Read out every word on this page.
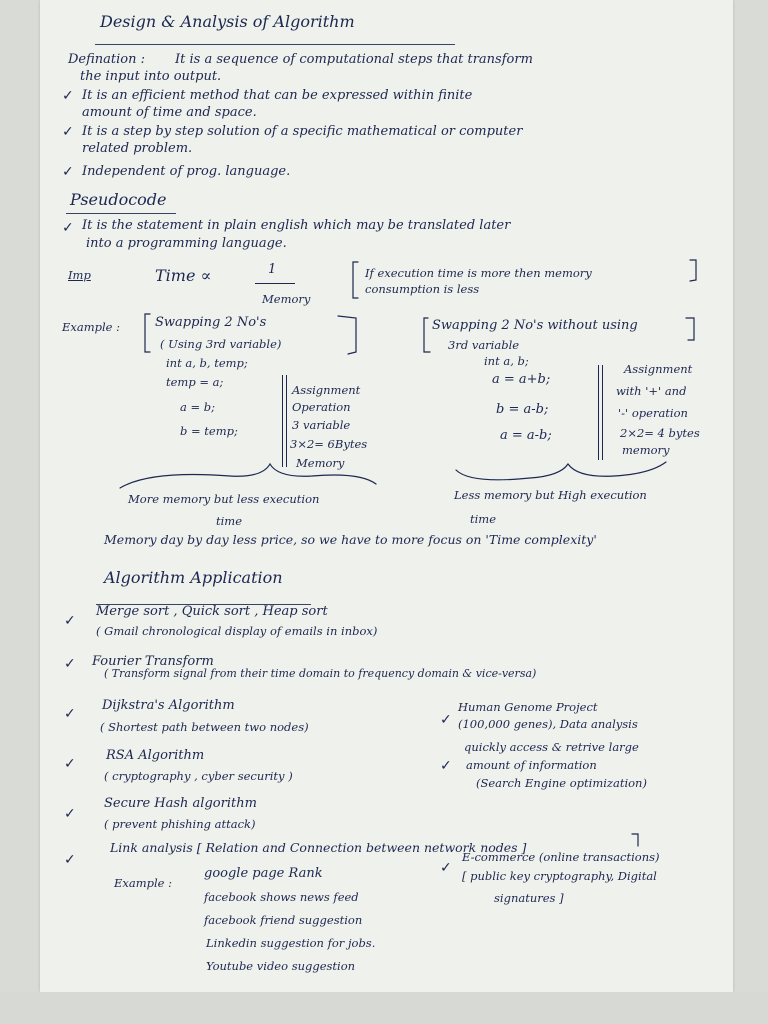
Design & Analysis of Algorithm
Defination : It is a sequence of computational steps that transform
the input into output.
✓ It is an efficient method that can be expressed within finite
amount of time and space.
✓ It is a step by step solution of a specific mathematical or computer
related problem.
✓ Independent of prog. language.
Pseudocode
✓ It is the statement in plain english which may be translated later
into a programming language.
Imp	Time ∝	1
Memory
If execution time is more then memory
consumption is less
Example :	Swapping 2 No's
( Using 3rd variable)
int a, b, temp;
temp = a;
a = b;
b = temp;
Assignment
Operation
3 variable
3×2= 6Bytes
Memory
Swapping 2 No's without using
3rd variable
int a, b;
a = a+b;
b = a-b;
a = a-b;
Assignment
with '+' and
'-' operation
2×2= 4 bytes
memory
More memory but less execution
time
Less memory but High execution
time
Memory day by day less price, so we have to more focus on 'Time complexity'
Algorithm Application
✓
Merge sort , Quick sort , Heap sort
( Gmail chronological display of emails in inbox)
✓ Fourier Transform
( Transform signal from their time domain to frequency domain & vice-versa)
✓
Dijkstra's Algorithm
( Shortest path between two nodes)
✓
RSA Algorithm
( cryptography , cyber security )
✓
Secure Hash algorithm
( prevent phishing attack)
✓
Link analysis [ Relation and Connection between network nodes ]
✓
Human Genome Project
(100,000 genes), Data analysis
✓
quickly access & retrive large
amount of information
(Search Engine optimization)
✓
E-commerce (online transactions)
[ public key cryptography, Digital
signatures ]
Example :
google page Rank
facebook shows news feed
facebook friend suggestion
Linkedin suggestion for jobs.
Youtube video suggestion
